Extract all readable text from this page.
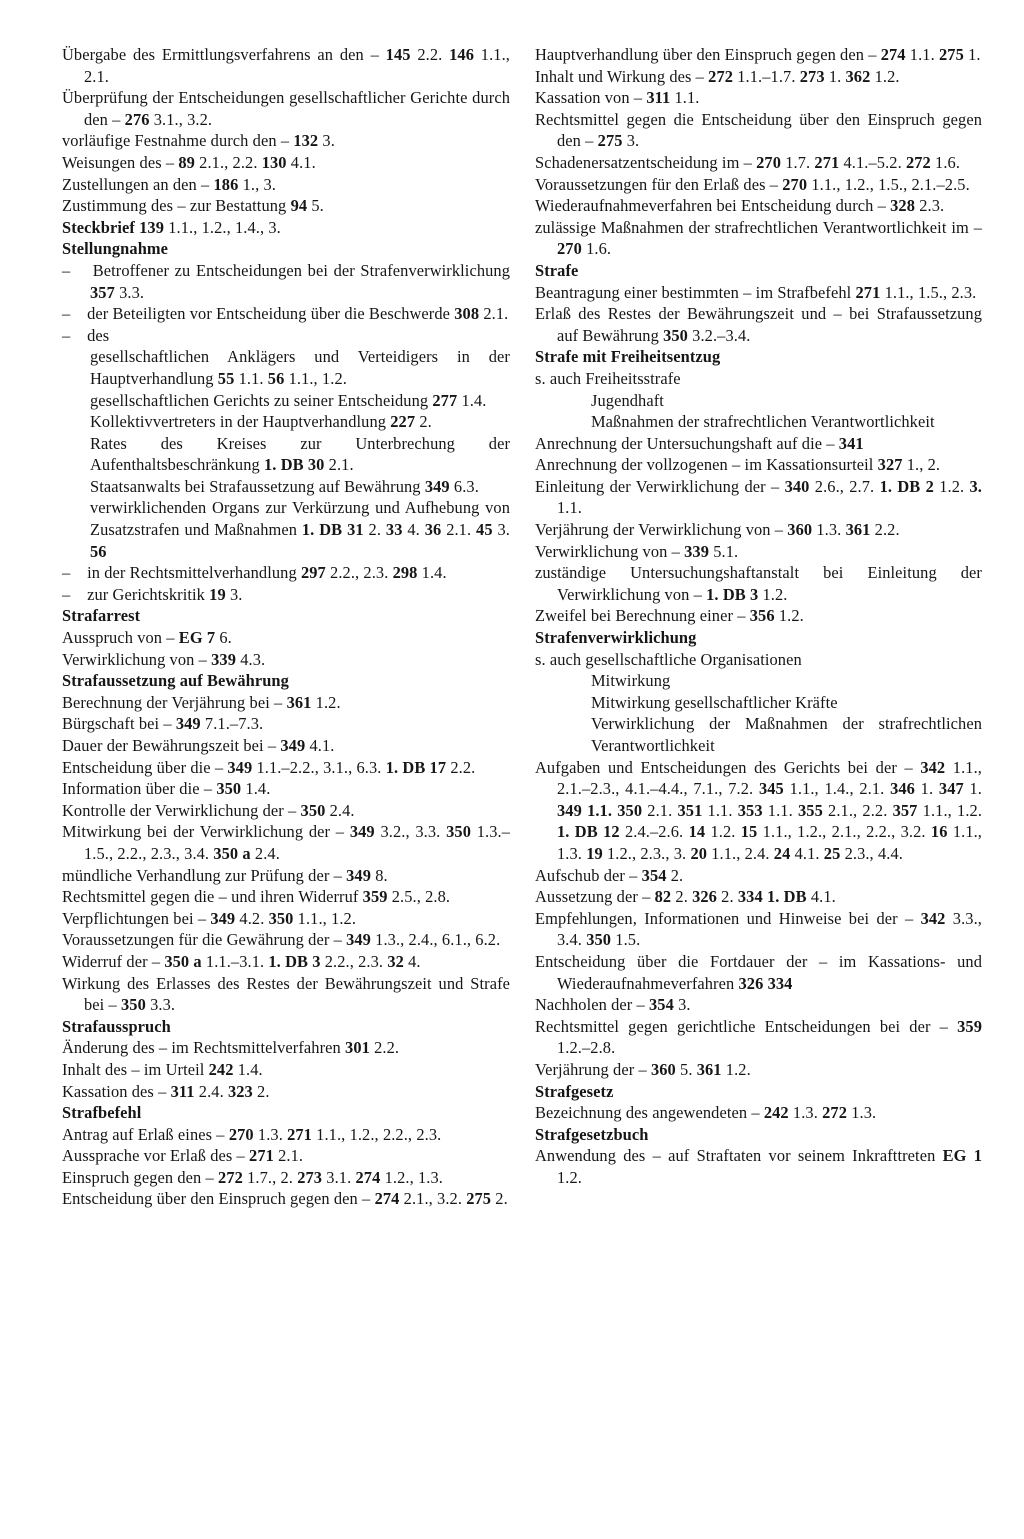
Übergabe des Ermittlungsverfahrens an den – 145 2.2. 146 1.1., 2.1.
Überprüfung der Entscheidungen gesellschaftlicher Gerichte durch den – 276 3.1., 3.2.
vorläufige Festnahme durch den – 132 3.
Weisungen des – 89 2.1., 2.2. 130 4.1.
Zustellungen an den – 186 1., 3.
Zustimmung des – zur Bestattung 94 5.
Steckbrief 139 1.1., 1.2., 1.4., 3.
Stellungnahme
–    Betroffener zu Entscheidungen bei der Strafenverwirklichung 357 3.3.
–    der Beteiligten vor Entscheidung über die Beschwerde 308 2.1.
–    des
gesellschaftlichen Anklägers und Verteidigers in der Hauptverhandlung 55 1.1. 56 1.1., 1.2.
gesellschaftlichen Gerichts zu seiner Entscheidung 277 1.4.
Kollektivvertreters in der Hauptverhandlung 227 2.
Rates des Kreises zur Unterbrechung der Aufenthaltsbeschränkung 1. DB 30 2.1.
Staatsanwalts bei Strafaussetzung auf Bewährung 349 6.3.
verwirklichenden Organs zur Verkürzung und Aufhebung von Zusatzstrafen und Maßnahmen 1. DB 31 2. 33 4. 36 2.1. 45 3. 56
–    in der Rechtsmittelverhandlung 297 2.2., 2.3. 298 1.4.
–    zur Gerichtskritik 19 3.
Strafarrest
Ausspruch von – EG 7 6.
Verwirklichung von – 339 4.3.
Strafaussetzung auf Bewährung
Berechnung der Verjährung bei – 361 1.2.
Bürgschaft bei – 349 7.1.–7.3.
Dauer der Bewährungszeit bei – 349 4.1.
Entscheidung über die – 349 1.1.–2.2., 3.1., 6.3. 1. DB 17 2.2.
Information über die – 350 1.4.
Kontrolle der Verwirklichung der – 350 2.4.
Mitwirkung bei der Verwirklichung der – 349 3.2., 3.3. 350 1.3.–1.5., 2.2., 2.3., 3.4. 350 a 2.4.
mündliche Verhandlung zur Prüfung der – 349 8.
Rechtsmittel gegen die – und ihren Widerruf 359 2.5., 2.8.
Verpflichtungen bei – 349 4.2. 350 1.1., 1.2.
Voraussetzungen für die Gewährung der – 349 1.3., 2.4., 6.1., 6.2.
Widerruf der – 350 a 1.1.–3.1. 1. DB 3 2.2., 2.3. 32 4.
Wirkung des Erlasses des Restes der Bewährungszeit und Strafe bei – 350 3.3.
Strafausspruch
Änderung des – im Rechtsmittelverfahren 301 2.2.
Inhalt des – im Urteil 242 1.4.
Kassation des – 311 2.4. 323 2.
Strafbefehl
Antrag auf Erlaß eines – 270 1.3. 271 1.1., 1.2., 2.2., 2.3.
Aussprache vor Erlaß des – 271 2.1.
Einspruch gegen den – 272 1.7., 2. 273 3.1. 274 1.2., 1.3.
Entscheidung über den Einspruch gegen den – 274 2.1., 3.2. 275 2.
Hauptverhandlung über den Einspruch gegen den – 274 1.1. 275 1.
Inhalt und Wirkung des – 272 1.1.–1.7. 273 1. 362 1.2.
Kassation von – 311 1.1.
Rechtsmittel gegen die Entscheidung über den Einspruch gegen den – 275 3.
Schadenersatzentscheidung im – 270 1.7. 271 4.1.–5.2. 272 1.6.
Voraussetzungen für den Erlaß des – 270 1.1., 1.2., 1.5., 2.1.–2.5.
Wiederaufnahmeverfahren bei Entscheidung durch – 328 2.3.
zulässige Maßnahmen der strafrechtlichen Verantwortlichkeit im – 270 1.6.
Strafe
Beantragung einer bestimmten – im Strafbefehl 271 1.1., 1.5., 2.3.
Erlaß des Restes der Bewährungszeit und – bei Strafaussetzung auf Bewährung 350 3.2.–3.4.
Strafe mit Freiheitsentzug
s. auch Freiheitsstrafe
Jugendhaft
Maßnahmen der strafrechtlichen Verantwortlichkeit
Anrechnung der Untersuchungshaft auf die – 341
Anrechnung der vollzogenen – im Kassationsurteil 327 1., 2.
Einleitung der Verwirklichung der – 340 2.6., 2.7. 1. DB 2 1.2. 3. 1.1.
Verjährung der Verwirklichung von – 360 1.3. 361 2.2.
Verwirklichung von – 339 5.1.
zuständige Untersuchungshaftanstalt bei Einleitung der Verwirklichung von – 1. DB 3 1.2.
Zweifel bei Berechnung einer – 356 1.2.
Strafenverwirklichung
s. auch gesellschaftliche Organisationen
Mitwirkung
Mitwirkung gesellschaftlicher Kräfte
Verwirklichung der Maßnahmen der strafrechtlichen Verantwortlichkeit
Aufgaben und Entscheidungen des Gerichts bei der – 342 1.1., 2.1.–2.3., 4.1.–4.4., 7.1., 7.2. 345 1.1., 1.4., 2.1. 346 1. 347 1. 349 1.1. 350 2.1. 351 1.1. 353 1.1. 355 2.1., 2.2. 357 1.1., 1.2. 1. DB 12 2.4.–2.6. 14 1.2. 15 1.1., 1.2., 2.1., 2.2., 3.2. 16 1.1., 1.3. 19 1.2., 2.3., 3. 20 1.1., 2.4. 24 4.1. 25 2.3., 4.4.
Aufschub der – 354 2.
Aussetzung der – 82 2. 326 2. 334 1. DB 4.1.
Empfehlungen, Informationen und Hinweise bei der – 342 3.3., 3.4. 350 1.5.
Entscheidung über die Fortdauer der – im Kassations- und Wiederaufnahmeverfahren 326 334
Nachholen der – 354 3.
Rechtsmittel gegen gerichtliche Entscheidungen bei der – 359 1.2.–2.8.
Verjährung der – 360 5. 361 1.2.
Strafgesetz
Bezeichnung des angewendeten – 242 1.3. 272 1.3.
Strafgesetzbuch
Anwendung des – auf Straftaten vor seinem Inkrafttreten EG 1 1.2.
